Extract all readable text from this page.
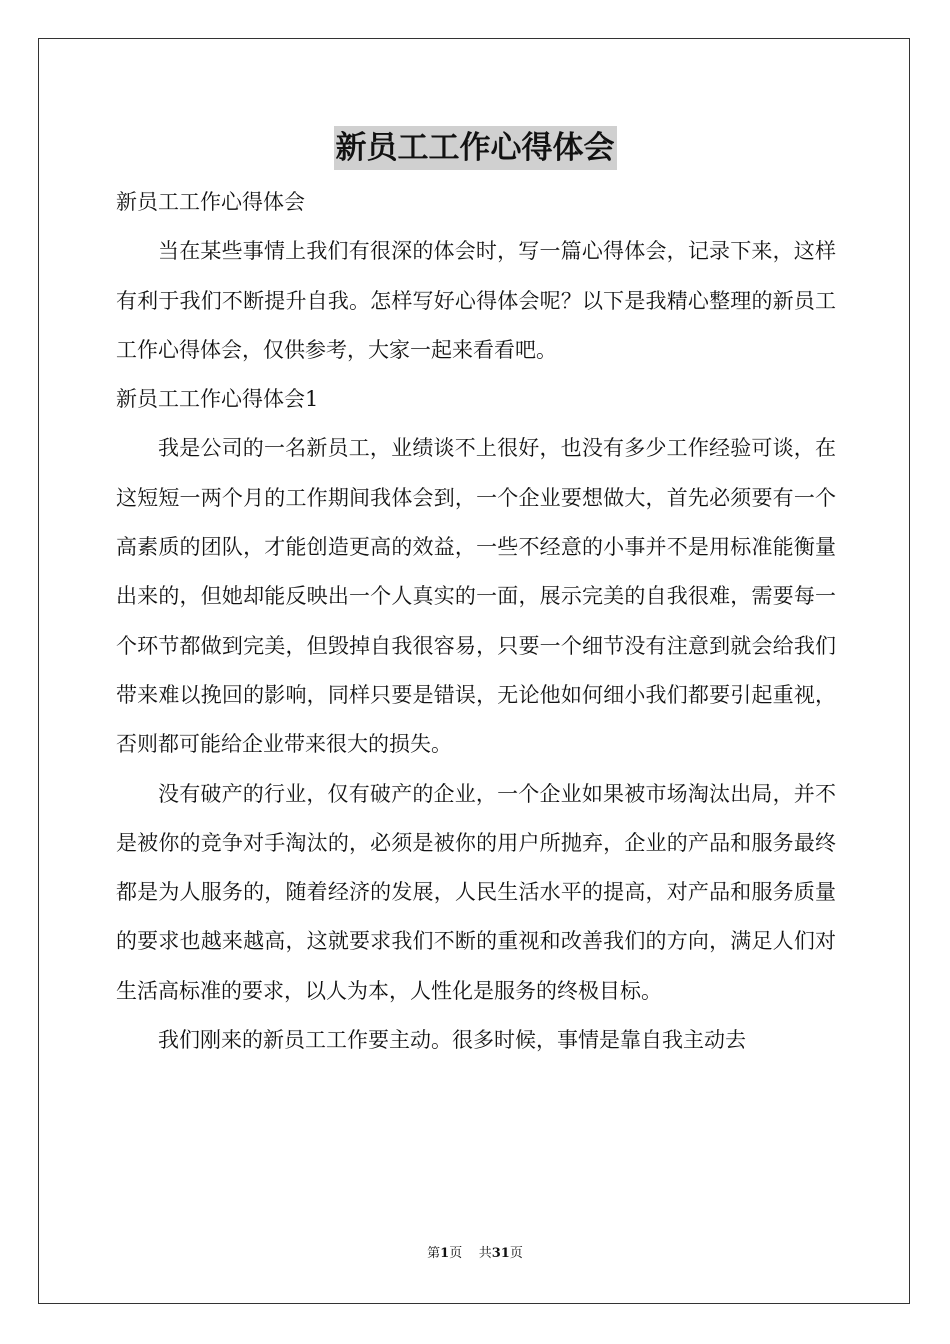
新员工工作心得体会

新员工工作心得体会

当在某些事情上我们有很深的体会时，写一篇心得体会，记录下来，这样有利于我们不断提升自我。怎样写好心得体会呢？以下是我精心整理的新员工工作心得体会，仅供参考，大家一起来看看吧。

新员工工作心得体会1

我是公司的一名新员工，业绩谈不上很好，也没有多少工作经验可谈，在这短短一两个月的工作期间我体会到，一个企业要想做大，首先必须要有一个高素质的团队，才能创造更高的效益，一些不经意的小事并不是用标准能衡量出来的，但她却能反映出一个人真实的一面，展示完美的自我很难，需要每一个环节都做到完美，但毁掉自我很容易，只要一个细节没有注意到就会给我们带来难以挽回的影响，同样只要是错误，无论他如何细小我们都要引起重视，否则都可能给企业带来很大的损失。

没有破产的行业，仅有破产的企业，一个企业如果被市场淘汰出局，并不是被你的竞争对手淘汰的，必须是被你的用户所抛弃，企业的产品和服务最终都是为人服务的，随着经济的发展，人民生活水平的提高，对产品和服务质量的要求也越来越高，这就要求我们不断的重视和改善我们的方向，满足人们对生活高标准的要求，以人为本，人性化是服务的终极目标。

我们刚来的新员工工作要主动。很多时候，事情是靠自我主动去

第1页 共31页
